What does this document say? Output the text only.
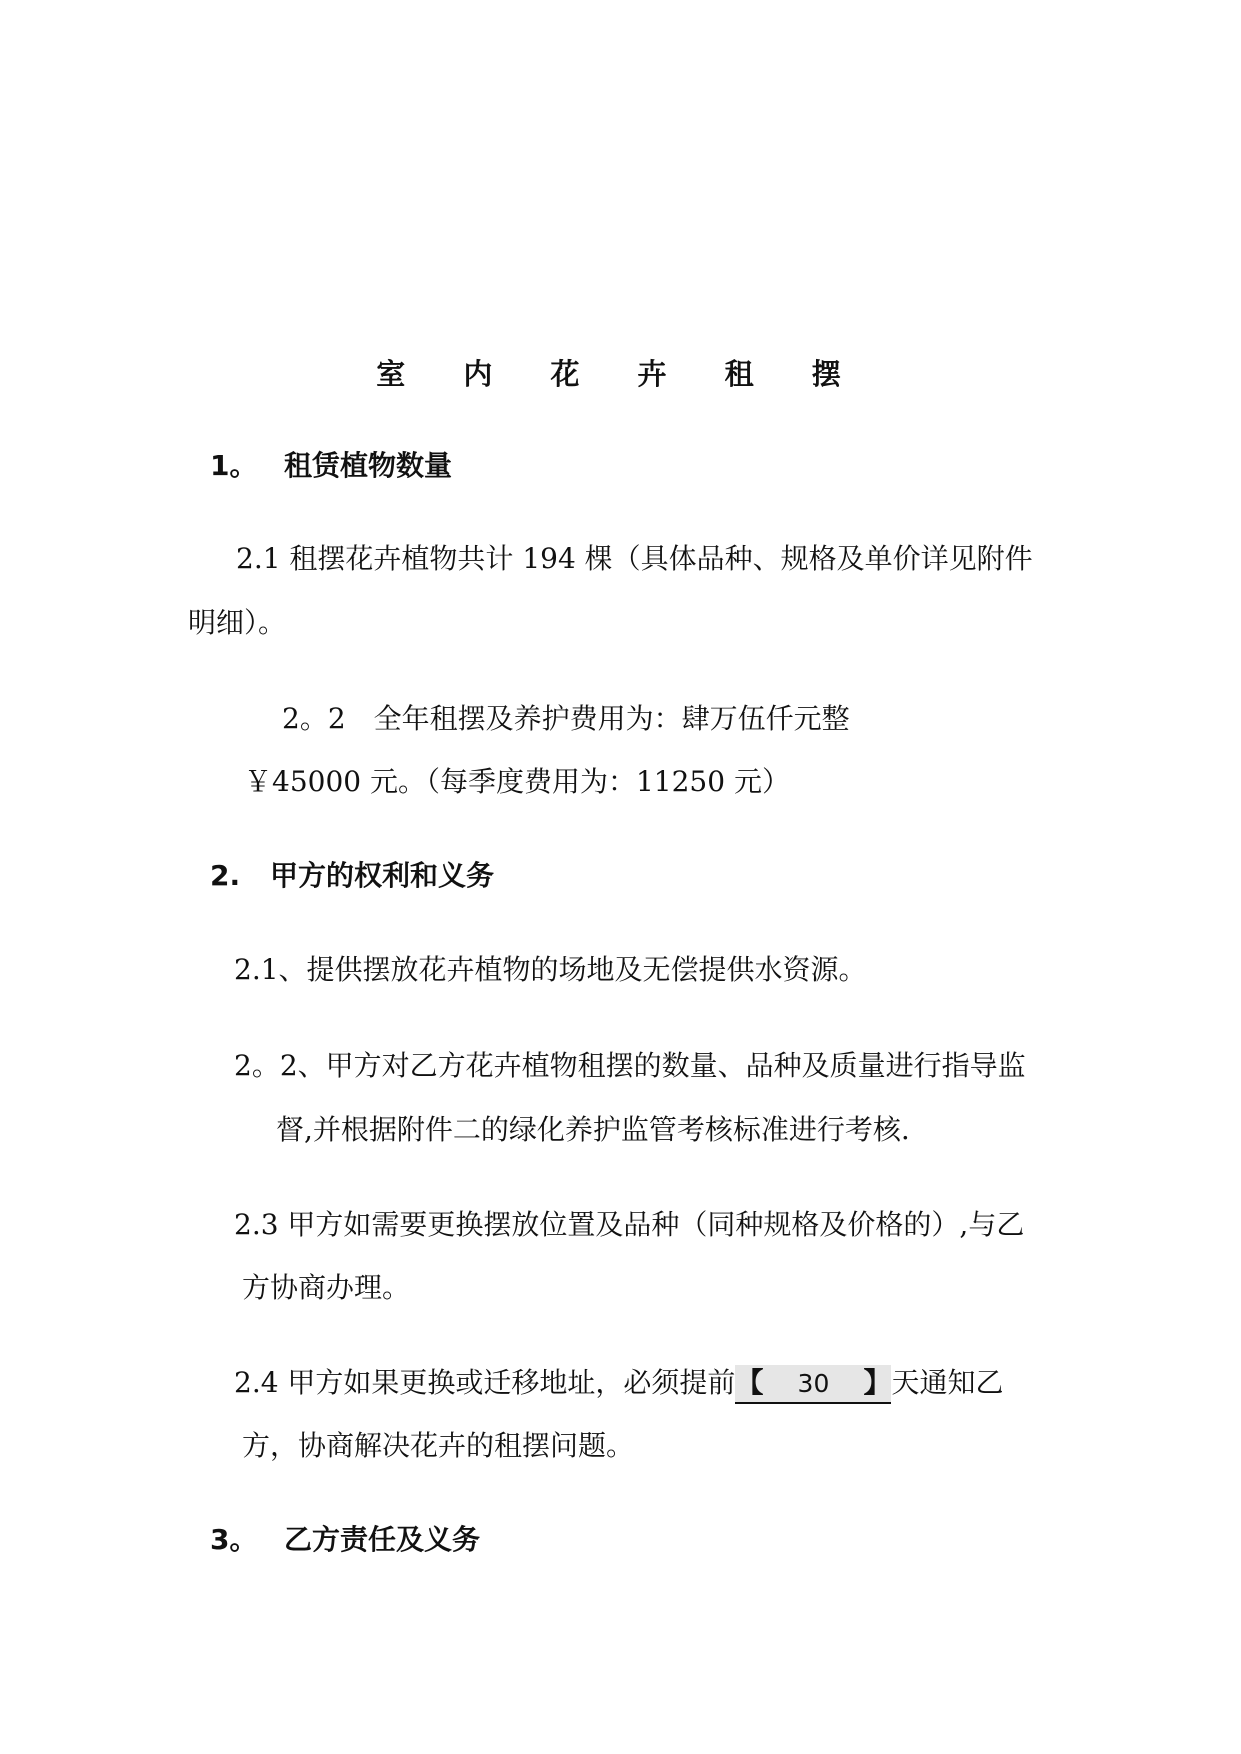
室 内 花 卉 租 摆
1。 租赁植物数量
2.1 租摆花卉植物共计 194 棵（具体品种、规格及单价详见附件
明细）。
2。2　全年租摆及养护费用为：肆万伍仟元整
￥45000 元。（每季度费用为：11250 元）
2. 甲方的权利和义务
2.1、提供摆放花卉植物的场地及无偿提供水资源。
2。2、甲方对乙方花卉植物租摆的数量、品种及质量进行指导监
督,并根据附件二的绿化养护监管考核标准进行考核.
2.3 甲方如需要更换摆放位置及品种（同种规格及价格的）,与乙
方协商办理。
2.4 甲方如果更换或迁移地址，必须提前【 30 】天通知乙
方，协商解决花卉的租摆问题。
3。 乙方责任及义务
